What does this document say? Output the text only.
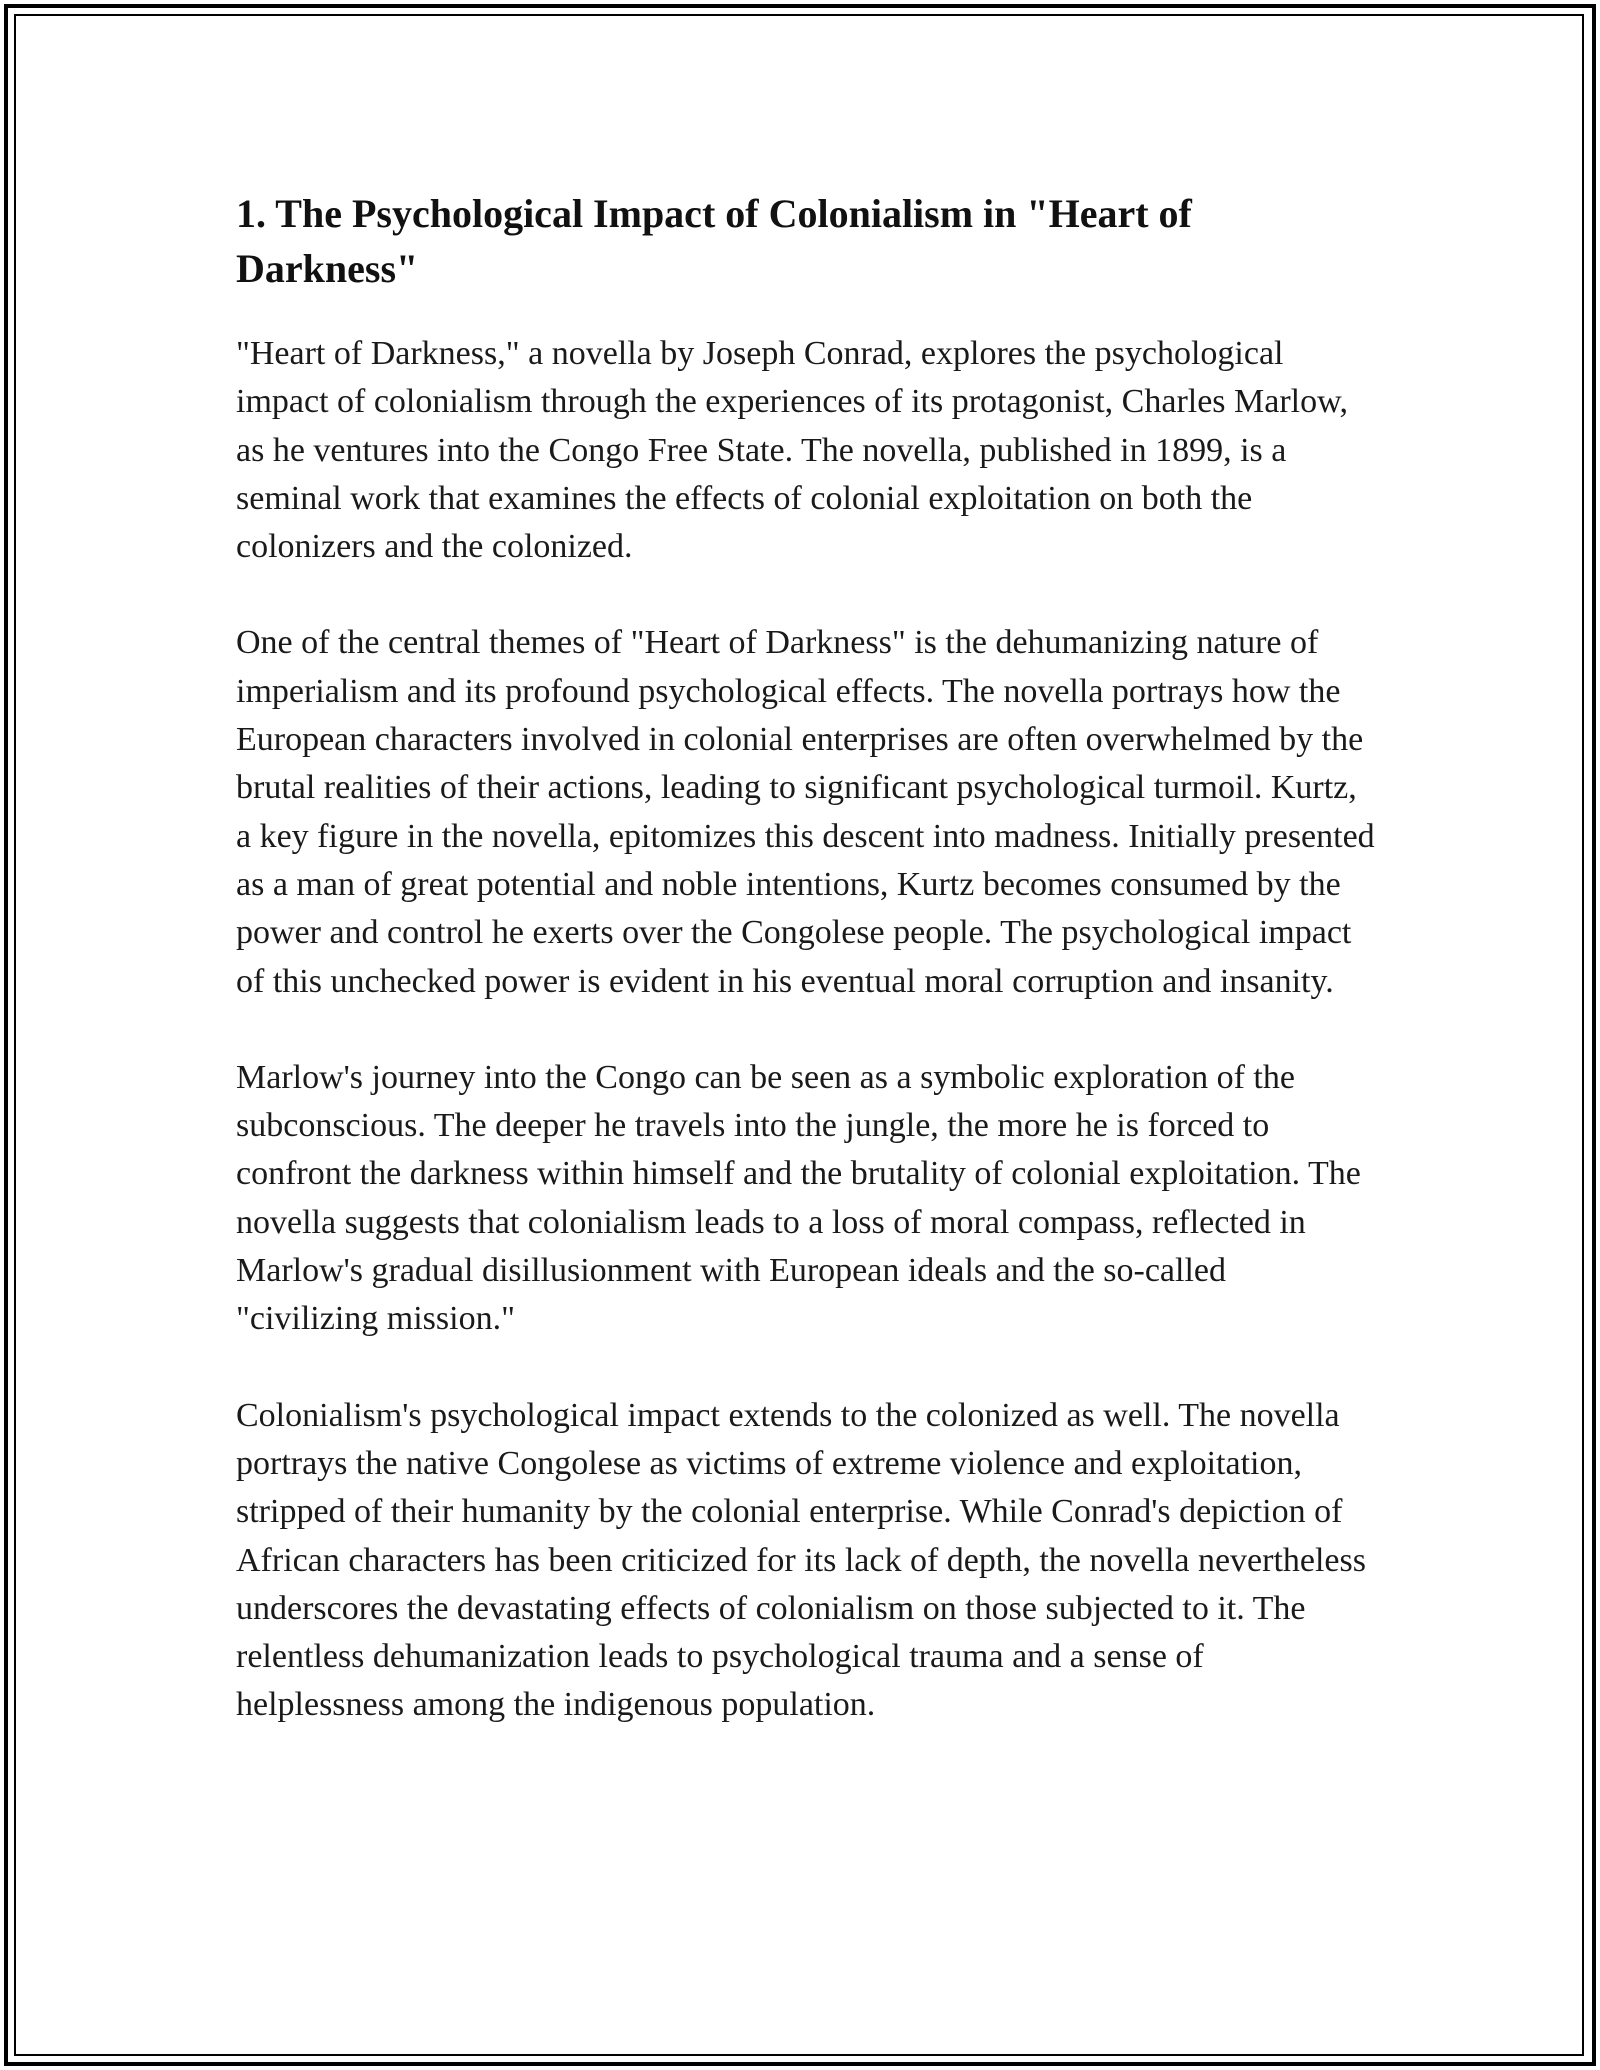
1. The Psychological Impact of Colonialism in "Heart of Darkness"

"Heart of Darkness," a novella by Joseph Conrad, explores the psychological impact of colonialism through the experiences of its protagonist, Charles Marlow, as he ventures into the Congo Free State. The novella, published in 1899, is a seminal work that examines the effects of colonial exploitation on both the colonizers and the colonized.

One of the central themes of "Heart of Darkness" is the dehumanizing nature of imperialism and its profound psychological effects. The novella portrays how the European characters involved in colonial enterprises are often overwhelmed by the brutal realities of their actions, leading to significant psychological turmoil. Kurtz, a key figure in the novella, epitomizes this descent into madness. Initially presented as a man of great potential and noble intentions, Kurtz becomes consumed by the power and control he exerts over the Congolese people. The psychological impact of this unchecked power is evident in his eventual moral corruption and insanity.

Marlow's journey into the Congo can be seen as a symbolic exploration of the subconscious. The deeper he travels into the jungle, the more he is forced to confront the darkness within himself and the brutality of colonial exploitation. The novella suggests that colonialism leads to a loss of moral compass, reflected in Marlow's gradual disillusionment with European ideals and the so-called "civilizing mission."

Colonialism's psychological impact extends to the colonized as well. The novella portrays the native Congolese as victims of extreme violence and exploitation, stripped of their humanity by the colonial enterprise. While Conrad's depiction of African characters has been criticized for its lack of depth, the novella nevertheless underscores the devastating effects of colonialism on those subjected to it. The relentless dehumanization leads to psychological trauma and a sense of helplessness among the indigenous population.
